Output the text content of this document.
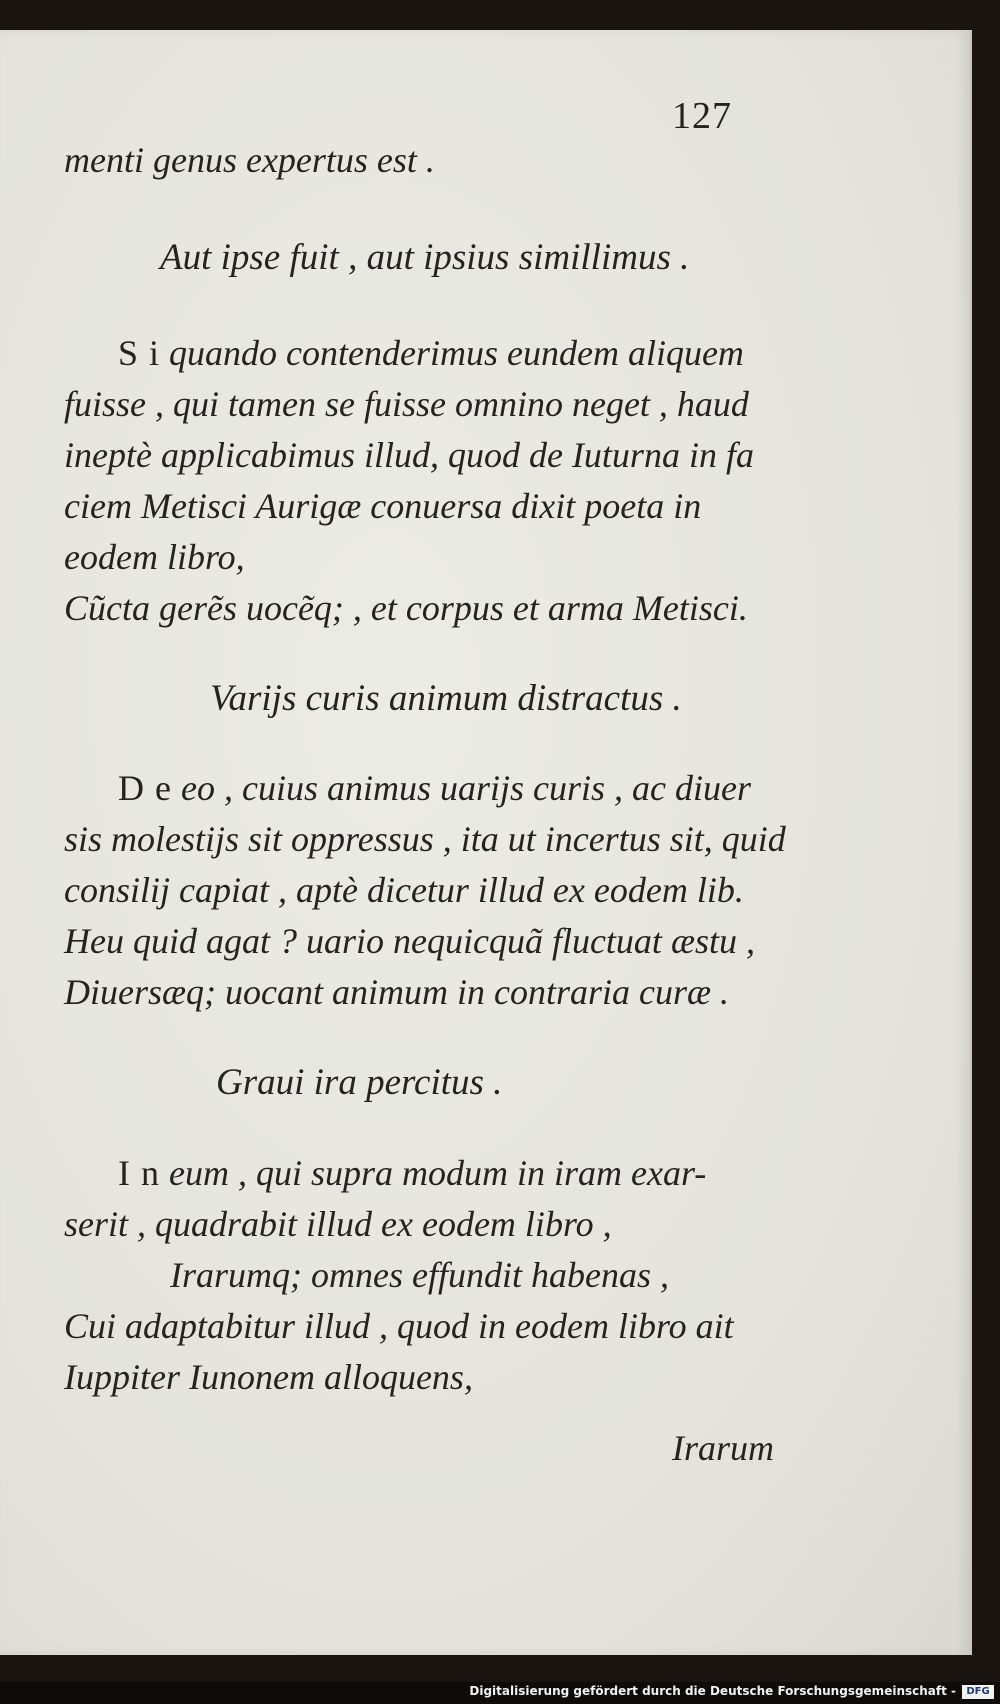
127

menti genus expertus est .

Aut ipse fuit , aut ipsius simillimus .

S i quando contenderimus eundem aliquem

fuisse , qui tamen se fuisse omnino neget , haud

ineptè applicabimus illud, quod de Iuturna in fa

ciem Metisci Aurigæ conuersa dixit poeta in

eodem libro,

Cũcta gerẽs uocẽq; , et corpus et arma Metisci.

Varijs curis animum distractus .

D e eo , cuius animus uarijs curis , ac diuer

sis molestijs sit oppressus , ita ut incertus sit, quid

consilij capiat , aptè dicetur illud ex eodem lib.

Heu quid agat ? uario nequicquã fluctuat æstu ,

Diuersæq; uocant animum in contraria curæ .

Graui ira percitus .

I n eum , qui supra modum in iram exar-

serit , quadrabit illud ex eodem libro ,

Irarumq; omnes effundit habenas ,

Cui adaptabitur illud , quod in eodem libro ait

Iuppiter Iunonem alloquens,

Irarum

Digitalisierung gefördert durch die Deutsche Forschungsgemeinschaft -	DFG
